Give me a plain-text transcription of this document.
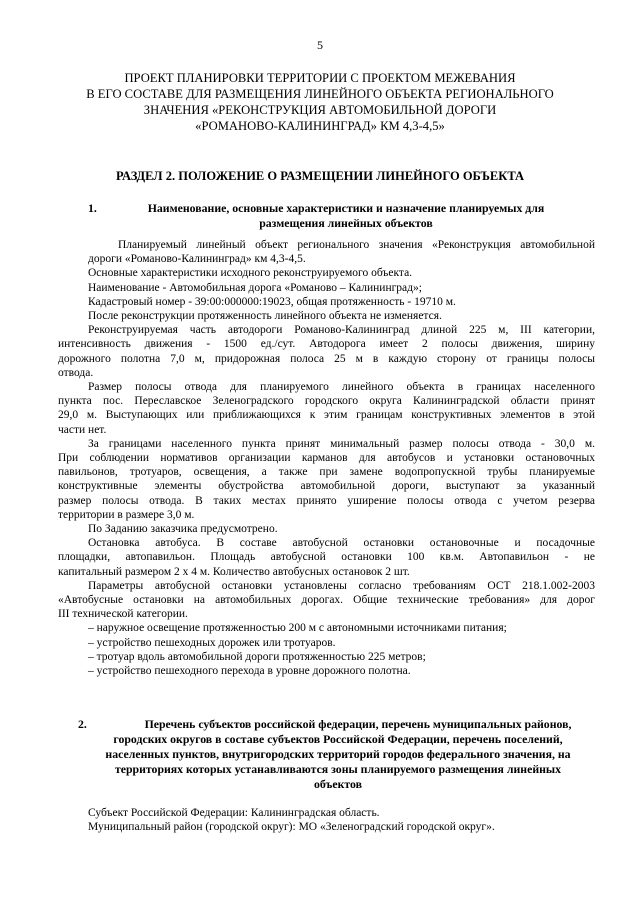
5
ПРОЕКТ ПЛАНИРОВКИ ТЕРРИТОРИИ С ПРОЕКТОМ МЕЖЕВАНИЯ
В ЕГО СОСТАВЕ ДЛЯ РАЗМЕЩЕНИЯ ЛИНЕЙНОГО ОБЪЕКТА РЕГИОНАЛЬНОГО
ЗНАЧЕНИЯ «РЕКОНСТРУКЦИЯ АВТОМОБИЛЬНОЙ ДОРОГИ
«РОМАНОВО-КАЛИНИНГРАД» КМ 4,3-4,5»
РАЗДЕЛ 2. ПОЛОЖЕНИЕ О РАЗМЕЩЕНИИ ЛИНЕЙНОГО ОБЪЕКТА
1.	Наименование, основные характеристики и назначение планируемых для
размещения линейных объектов
Планируемый линейный объект регионального значения «Реконструкция автомобильной
дороги «Романово-Калининград» км 4,3-4,5.
Основные характеристики исходного реконструируемого объекта.
Наименование - Автомобильная дорога «Романово – Калининград»;
Кадастровый номер - 39:00:000000:19023, общая протяженность - 19710 м.
После реконструкции протяженность линейного объекта не изменяется.
Реконструируемая часть автодороги Романово-Калининград длиной 225 м, III категории,
интенсивность движения - 1500 ед./сут. Автодорога имеет 2 полосы движения, ширину
дорожного полотна 7,0 м, придорожная полоса 25 м в каждую сторону от границы полосы
отвода.
Размер полосы отвода для планируемого линейного объекта в границах населенного
пункта пос. Переславское Зеленоградского городского округа Калининградской области принят
29,0 м. Выступающих или приближающихся к этим границам конструктивных элементов в этой
части нет.
За границами населенного пункта принят минимальный размер полосы отвода - 30,0 м.
При соблюдении нормативов организации карманов для автобусов и установки остановочных
павильонов, тротуаров, освещения, а также при замене водопропускной трубы планируемые
конструктивные элементы обустройства автомобильной дороги, выступают за указанный
размер полосы отвода. В таких местах принято уширение полосы отвода с учетом резерва
территории в размере 3,0 м.
По Заданию заказчика предусмотрено.
Остановка автобуса. В составе автобусной остановки остановочные и посадочные
площадки, автопавильон. Площадь автобусной остановки 100 кв.м. Автопавильон - не
капитальный размером 2 х 4 м. Количество автобусных остановок 2 шт.
Параметры автобусной остановки установлены согласно требованиям ОСТ 218.1.002-2003
«Автобусные остановки на автомобильных дорогах. Общие технические требования» для дорог
III технической категории.
– наружное освещение протяженностью 200 м с автономными источниками питания;
– устройство пешеходных дорожек или тротуаров.
– тротуар вдоль автомобильной дороги протяженностью 225 метров;
– устройство пешеходного перехода в уровне дорожного полотна.
2.	Перечень субъектов российской федерации, перечень муниципальных районов,
городских округов в составе субъектов Российской Федерации, перечень поселений,
населенных пунктов, внутригородских территорий городов федерального значения, на
территориях которых устанавливаются зоны планируемого размещения линейных
объектов
Субъект Российской Федерации: Калининградская область.
Муниципальный район (городской округ): МО «Зеленоградский городской округ».
